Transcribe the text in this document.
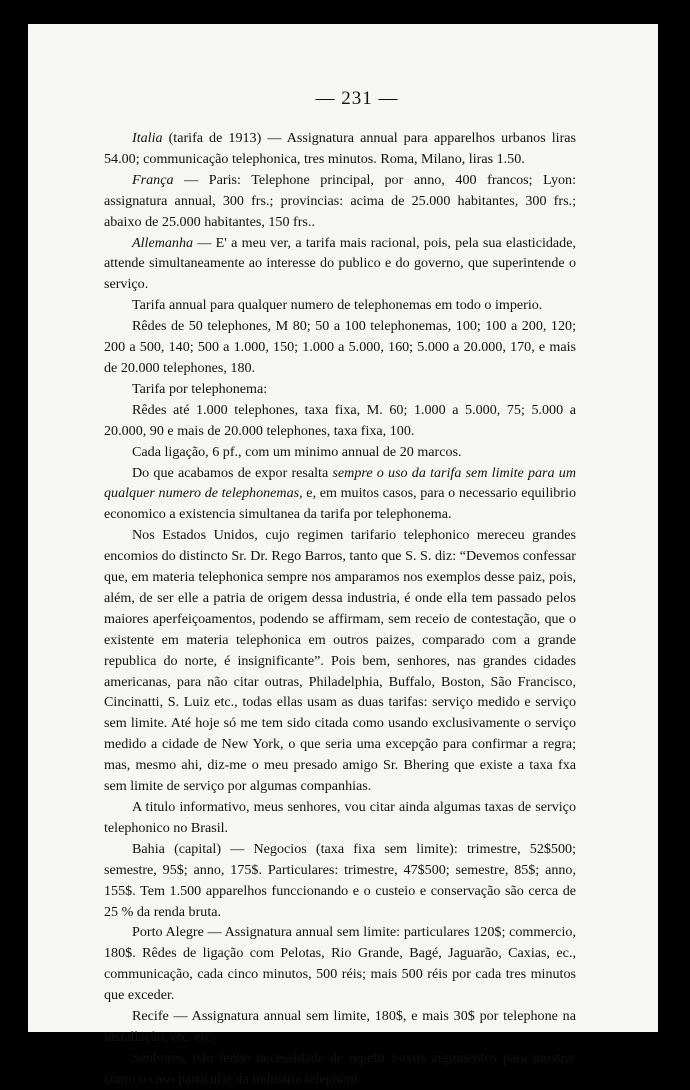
— 231 —

Italia (tarifa de 1913) — Assignatura annual para apparelhos urbanos liras 54.00; communicação telephonica, tres minutos. Roma, Milano, liras 1.50.

França — Paris: Telephone principal, por anno, 400 francos; Lyon: assignatura annual, 300 frs.; provincias: acima de 25.000 habitantes, 300 frs.; abaixo de 25.000 habitantes, 150 frs..

Allemanha — E' a meu ver, a tarifa mais racional, pois, pela sua elasticidade, attende simultaneamente ao interesse do publico e do governo, que superintende o serviço.

Tarifa annual para qualquer numero de telephonemas em todo o imperio.

Rêdes de 50 telephones, M 80; 50 a 100 telephonemas, 100; 100 a 200, 120; 200 a 500, 140; 500 a 1.000, 150; 1.000 a 5.000, 160; 5.000 a 20.000, 170, e mais de 20.000 telephones, 180.

Tarifa por telephonema:

Rêdes até 1.000 telephones, taxa fixa, M. 60; 1.000 a 5.000, 75; 5.000 a 20.000, 90 e mais de 20.000 telephones, taxa fixa, 100.

Cada ligação, 6 pf., com um minimo annual de 20 marcos.

Do que acabamos de expor resalta sempre o uso da tarifa sem limite para um qualquer numero de telephonemas, e, em muitos casos, para o necessario equilibrio economico a existencia simultanea da tarifa por telephonema.

Nos Estados Unidos, cujo regimen tarifario telephonico mereceu grandes encomios do distincto Sr. Dr. Rego Barros, tanto que S. S. diz: “Devemos confessar que, em materia telephonica sempre nos amparamos nos exemplos desse paiz, pois, além, de ser elle a patria de origem dessa industria, é onde ella tem passado pelos maiores aperfeiçoamentos, podendo se affirmam, sem receio de contestação, que o existente em materia telephonica em outros paizes, comparado com a grande republica do norte, é insignificante”. Pois bem, senhores, nas grandes cidades americanas, para não citar outras, Philadelphia, Buffalo, Boston, São Francisco, Cincinatti, S. Luiz etc., todas ellas usam as duas tarifas: serviço medido e serviço sem limite. Até hoje só me tem sido citada como usando exclusivamente o serviço medido a cidade de New York, o que seria uma excepção para confirmar a regra; mas, mesmo ahi, diz-me o meu presado amigo Sr. Bhering que existe a taxa fxa sem limite de serviço por algumas companhias.

A titulo informativo, meus senhores, vou citar ainda algumas taxas de serviço telephonico no Brasil.

Bahia (capital) — Negocios (taxa fixa sem limite): trimestre, 52$500; semestre, 95$; anno, 175$. Particulares: trimestre, 47$500; semestre, 85$; anno, 155$. Tem 1.500 apparelhos funccionando e o custeio e conservação são cerca de 25 % da renda bruta.

Porto Alegre — Assignatura annual sem limite: particulares 120$; commercio, 180$. Rêdes de ligação com Pelotas, Rio Grande, Bagé, Jaguarão, Caxias, ec., communicação, cada cinco minutos, 500 réis; mais 500 réis por cada tres minutos que exceder.

Recife — Assignatura annual sem limite, 180$, e mais 30$ por telephone na installação, etc. etc.

Senhores, não tenho necessidade de repetir novos argumentos para mostrar como o caso particular da industria telephoni-
